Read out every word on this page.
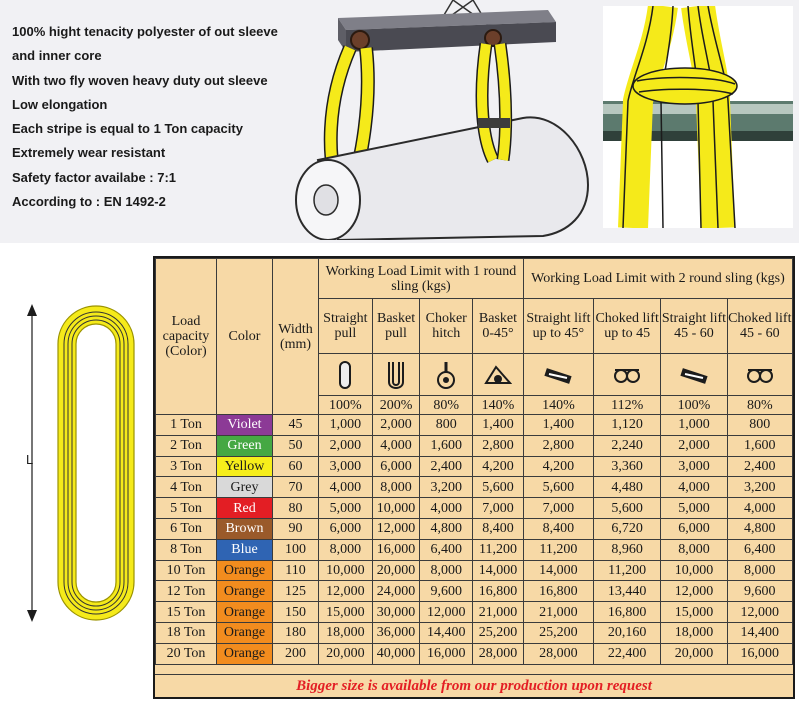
100% hight tenacity polyester of out sleeve
and inner core
With two fly woven heavy duty out sleeve
Low elongation
Each stripe is equal to 1 Ton capacity
Extremely wear resistant
Safety factor availabe : 7:1
According to : EN 1492-2
L
Load capacity (Color)	Color	Width (mm)	Working Load Limit with 1 round sling (kgs)				Working Load Limit with 2 round sling (kgs)			
			Straight pull	Basket pull	Choker hitch	Basket 0-45°	Straight lift up to 45°	Choked lift up to 45	Straight lift 45 - 60	Choked lift 45 - 60

			100%	200%	80%	140%	140%	112%	100%	80%
1 Ton	Violet	45	1,000	2,000	800	1,400	1,400	1,120	1,000	800
2 Ton	Green	50	2,000	4,000	1,600	2,800	2,800	2,240	2,000	1,600
3 Ton	Yellow	60	3,000	6,000	2,400	4,200	4,200	3,360	3,000	2,400
4 Ton	Grey	70	4,000	8,000	3,200	5,600	5,600	4,480	4,000	3,200
5 Ton	Red	80	5,000	10,000	4,000	7,000	7,000	5,600	5,000	4,000
6 Ton	Brown	90	6,000	12,000	4,800	8,400	8,400	6,720	6,000	4,800
8 Ton	Blue	100	8,000	16,000	6,400	11,200	11,200	8,960	8,000	6,400
10 Ton	Orange	110	10,000	20,000	8,000	14,000	14,000	11,200	10,000	8,000
12 Ton	Orange	125	12,000	24,000	9,600	16,800	16,800	13,440	12,000	9,600
15 Ton	Orange	150	15,000	30,000	12,000	21,000	21,000	16,800	15,000	12,000
18 Ton	Orange	180	18,000	36,000	14,400	25,200	25,200	20,160	18,000	14,400
20 Ton	Orange	200	20,000	40,000	16,000	28,000	28,000	22,400	20,000	16,000
Bigger size is available from our production upon request
